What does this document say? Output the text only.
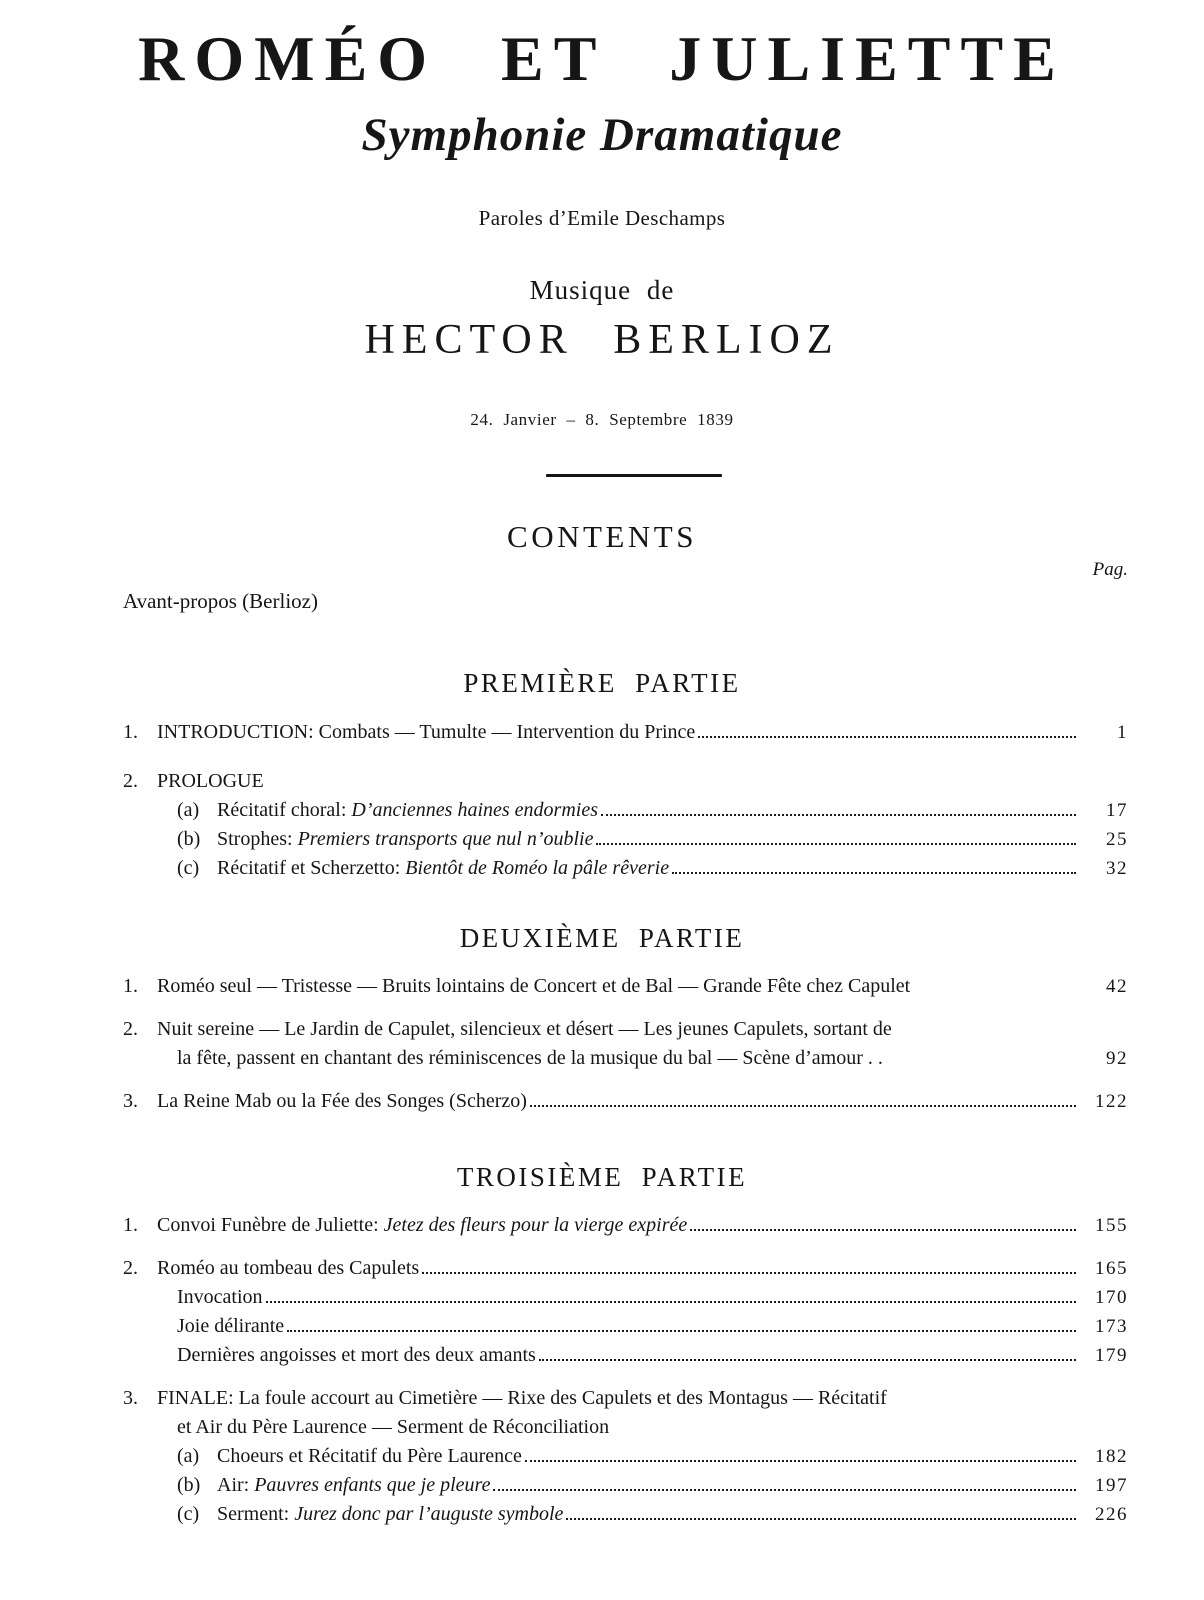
ROMÉO ET JULIETTE
Symphonie Dramatique
Paroles d’Emile Deschamps
Musique de
HECTOR BERLIOZ
24. Janvier – 8. Septembre 1839
CONTENTS
Pag.
Avant-propos (Berlioz)
PREMIÈRE PARTIE
1. INTRODUCTION: Combats — Tumulte — Intervention du Prince	1
2. PROLOGUE
(a) Récitatif choral: D’anciennes haines endormies	17
(b) Strophes: Premiers transports que nul n’oublie	25
(c) Récitatif et Scherzetto: Bientôt de Roméo la pâle rêverie	32
DEUXIÈME PARTIE
1. Roméo seul — Tristesse — Bruits lointains de Concert et de Bal — Grande Fête chez Capulet	42
2. Nuit sereine — Le Jardin de Capulet, silencieux et désert — Les jeunes Capulets, sortant de
la fête, passent en chantant des réminiscences de la musique du bal — Scène d’amour . .	92
3. La Reine Mab ou la Fée des Songes (Scherzo)	122
TROISIÈME PARTIE
1. Convoi Funèbre de Juliette: Jetez des fleurs pour la vierge expirée	155
2. Roméo au tombeau des Capulets	165
Invocation	170
Joie délirante	173
Dernières angoisses et mort des deux amants	179
3. FINALE: La foule accourt au Cimetière — Rixe des Capulets et des Montagus — Récitatif
et Air du Père Laurence — Serment de Réconciliation
(a) Choeurs et Récitatif du Père Laurence	182
(b) Air: Pauvres enfants que je pleure	197
(c) Serment: Jurez donc par l’auguste symbole	226
